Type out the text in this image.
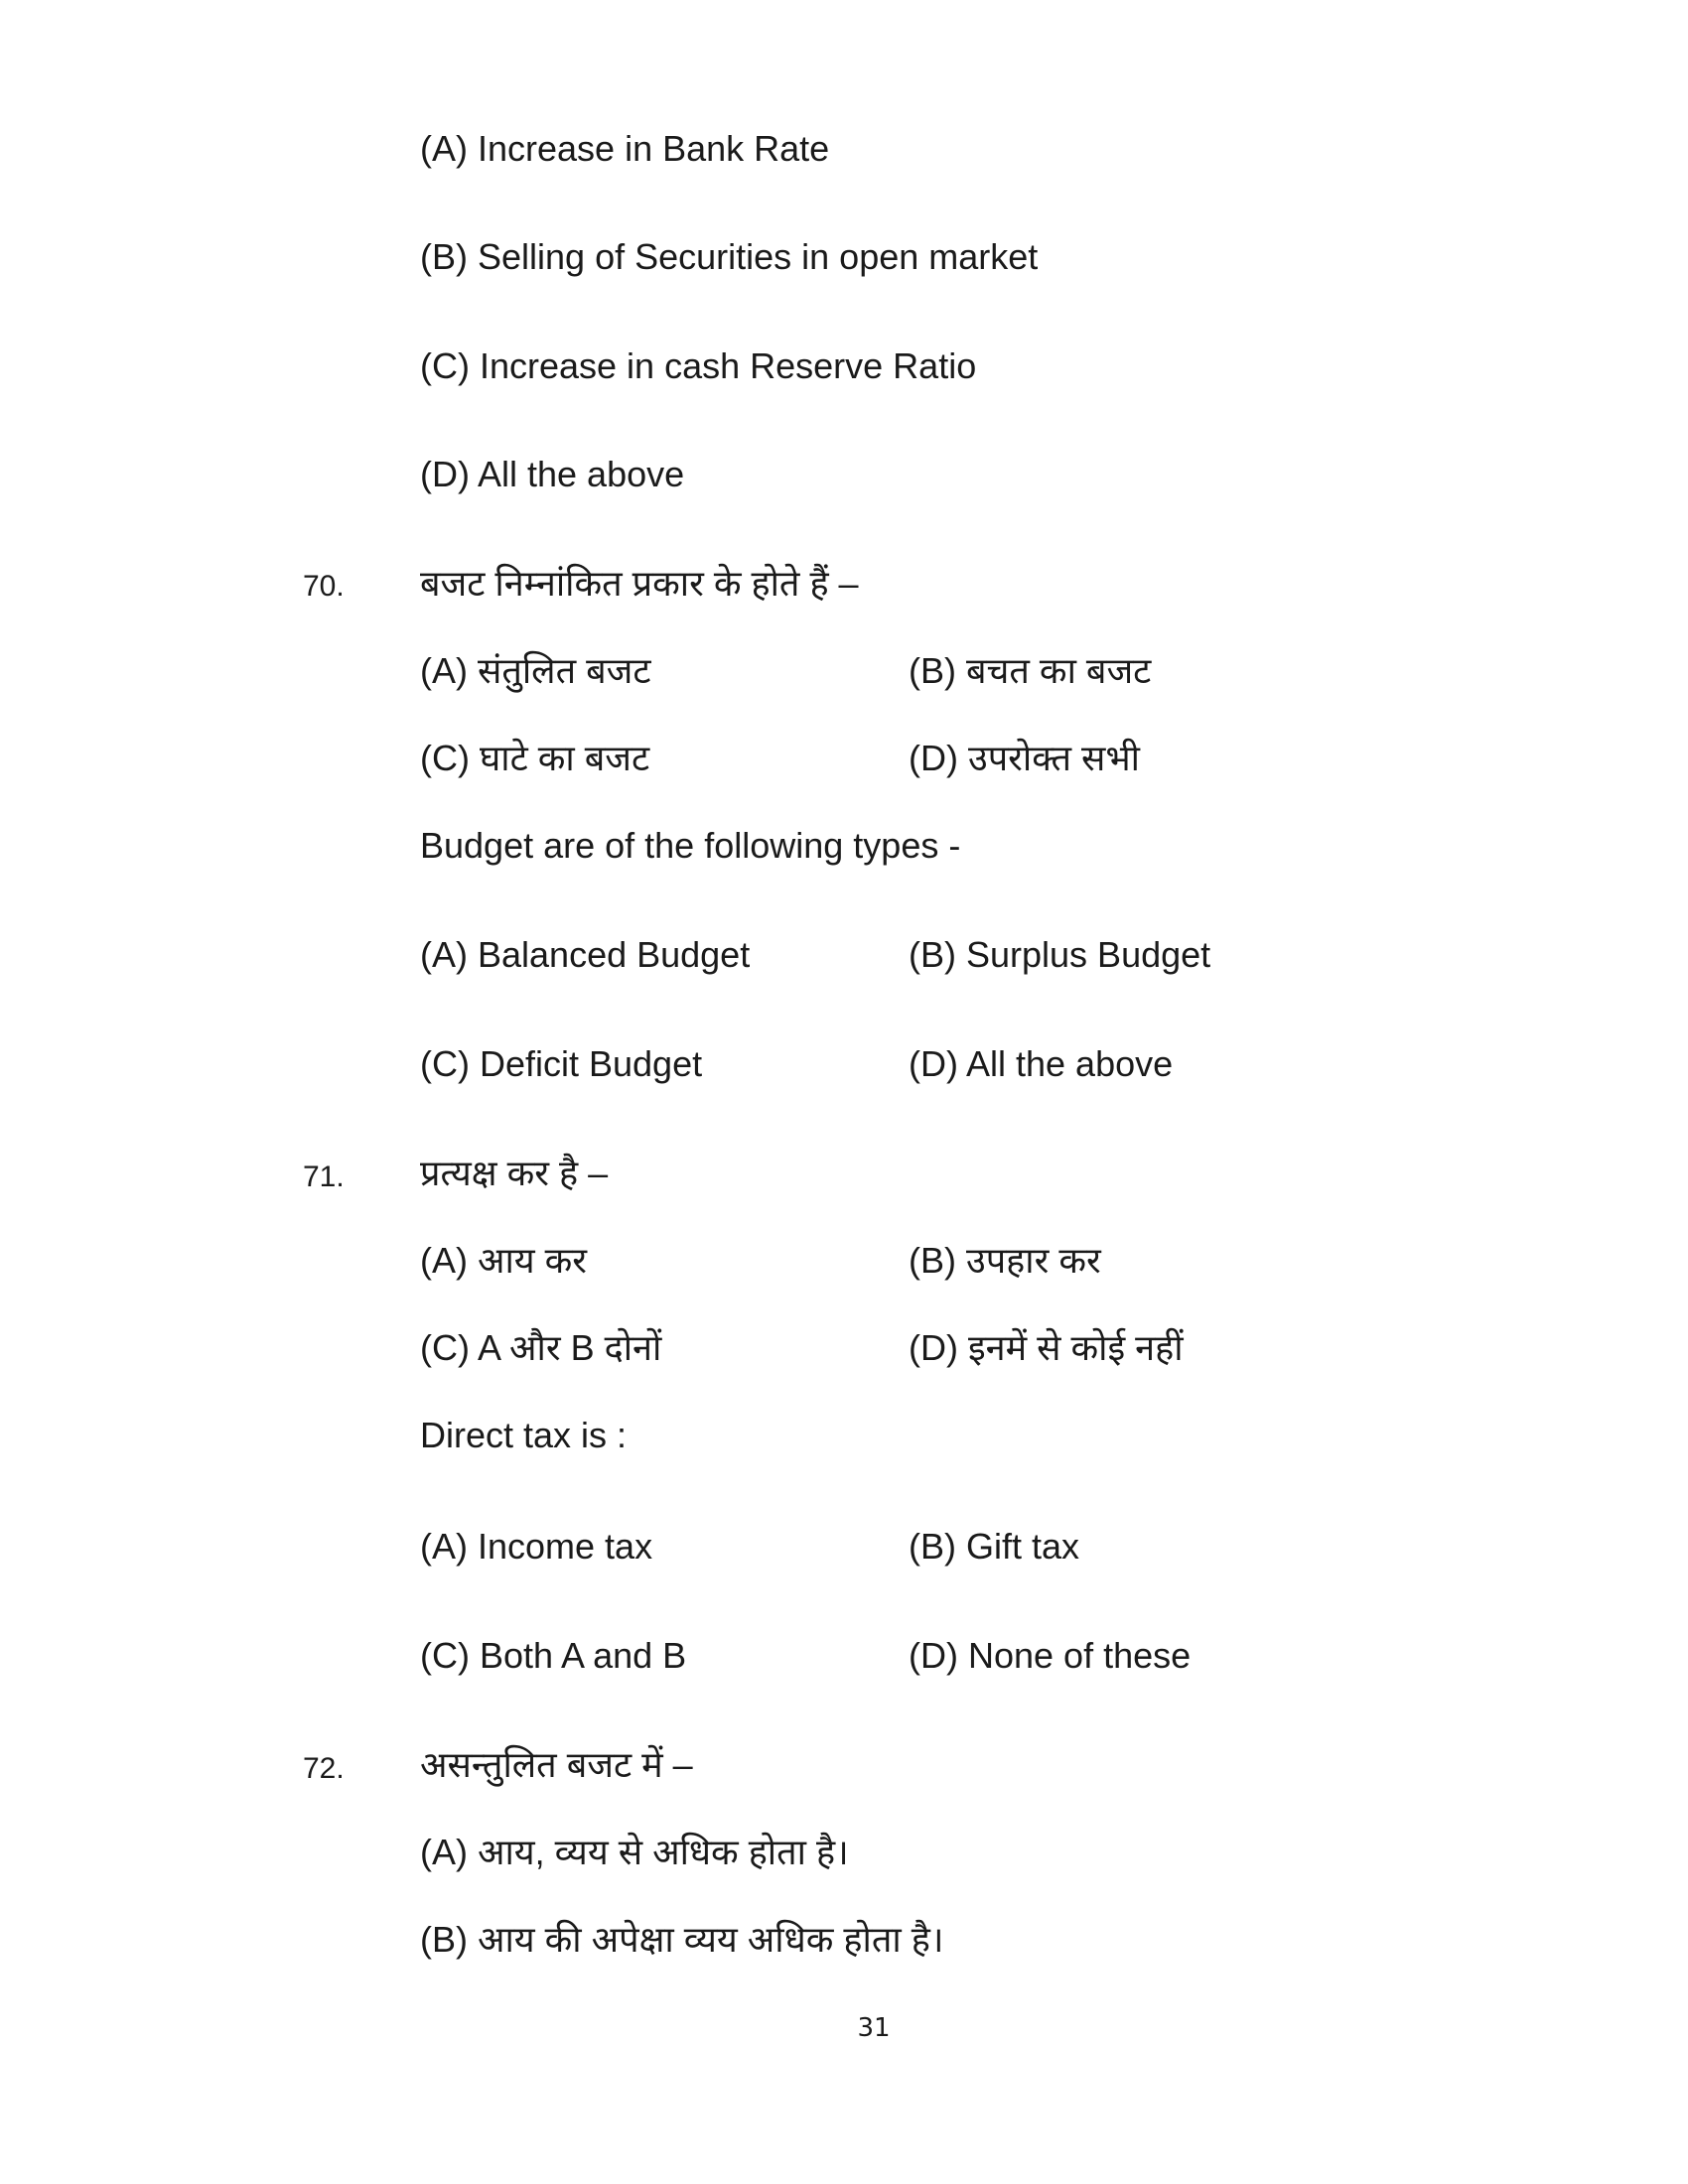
(A) Increase in Bank Rate
(B) Selling of Securities in open market
(C) Increase in cash Reserve Ratio
(D) All the above
70. बजट निम्नांकित प्रकार के होते हैं –
(A) संतुलित बजट	(B) बचत का बजट
(C) घाटे का बजट	(D) उपरोक्त सभी
Budget are of the following types -
(A) Balanced Budget	(B) Surplus Budget
(C) Deficit Budget	(D) All the above
71. प्रत्यक्ष कर है –
(A) आय कर	(B) उपहार कर
(C) A और B दोनों	(D) इनमें से कोई नहीं
Direct tax is :
(A) Income tax	(B) Gift tax
(C) Both A and B	(D) None of these
72. असन्तुलित बजट में –
(A) आय, व्यय से अधिक होता है।
(B) आय की अपेक्षा व्यय अधिक होता है।
31
